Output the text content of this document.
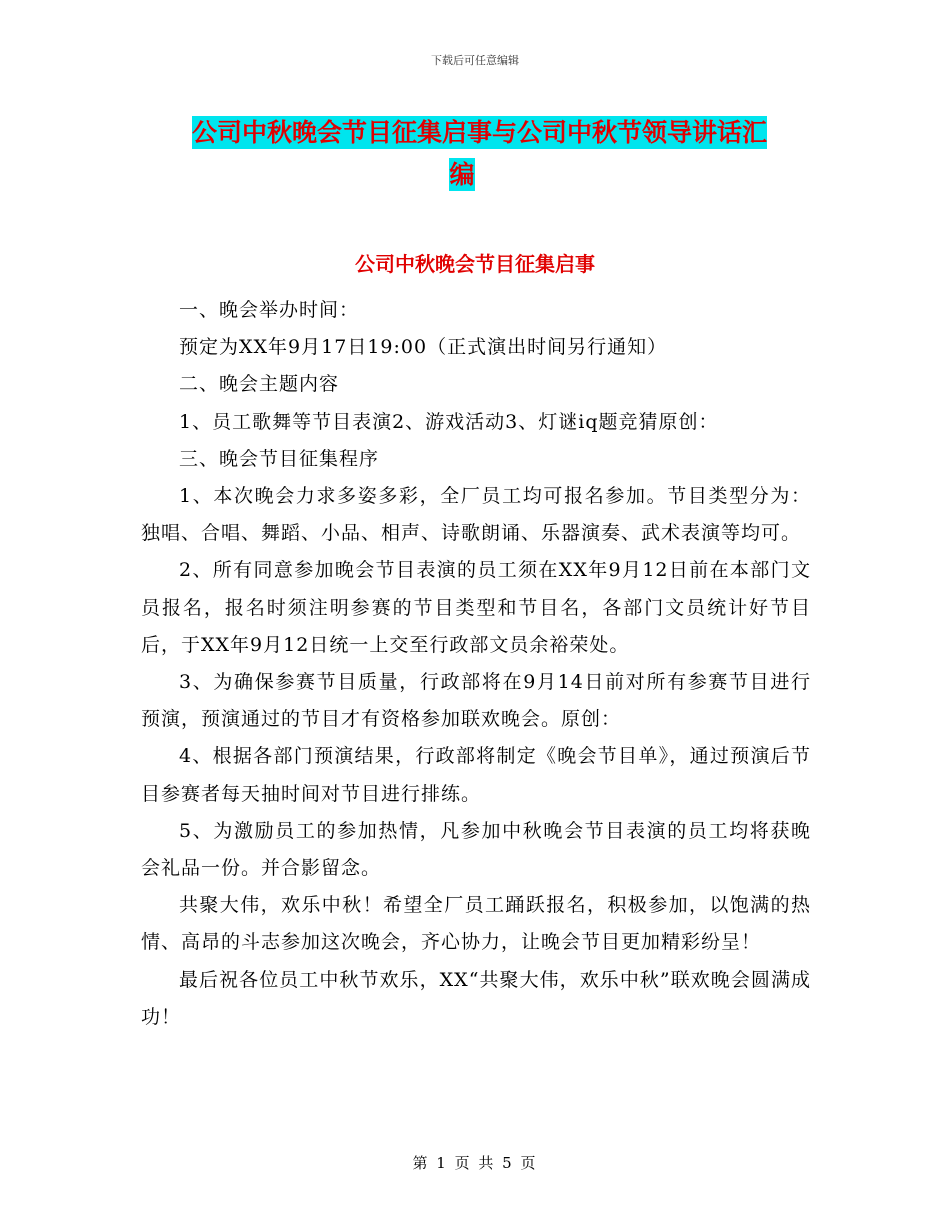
下载后可任意编辑
公司中秋晚会节目征集启事与公司中秋节领导讲话汇

编
公司中秋晚会节目征集启事

一、晚会举办时间：

预定为XX年9月17日19:00（正式演出时间另行通知）

二、晚会主题内容

1、员工歌舞等节目表演2、游戏活动3、灯谜iq题竞猜原创：

三、晚会节目征集程序

1、本次晚会力求多姿多彩，全厂员工均可报名参加。节目类型分为：独唱、合唱、舞蹈、小品、相声、诗歌朗诵、乐器演奏、武术表演等均可。

2、所有同意参加晚会节目表演的员工须在XX年9月12日前在本部门文员报名，报名时须注明参赛的节目类型和节目名，各部门文员统计好节目后，于XX年9月12日统一上交至行政部文员余裕荣处。

3、为确保参赛节目质量，行政部将在9月14日前对所有参赛节目进行预演，预演通过的节目才有资格参加联欢晚会。原创：

4、根据各部门预演结果，行政部将制定《晚会节目单》，通过预演后节目参赛者每天抽时间对节目进行排练。

5、为激励员工的参加热情，凡参加中秋晚会节目表演的员工均将获晚会礼品一份。并合影留念。

共聚大伟，欢乐中秋！希望全厂员工踊跃报名，积极参加，以饱满的热情、高昂的斗志参加这次晚会，齐心协力，让晚会节目更加精彩纷呈！

最后祝各位员工中秋节欢乐，XX“共聚大伟，欢乐中秋”联欢晚会圆满成功！

第 1 页 共 5 页
